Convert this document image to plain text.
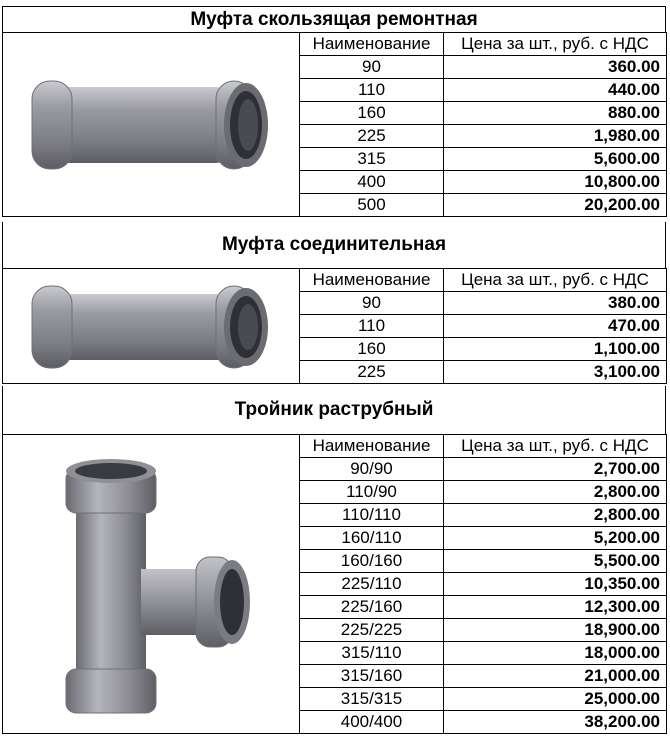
Муфта скользящая ремонтная
	Наименование	Цена за шт., руб. с НДС
	90	360.00
	110	440.00
	160	880.00
	225	1,980.00
	315	5,600.00
	400	10,800.00
	500	20,200.00
Муфта соединительная
	Наименование	Цена за шт., руб. с НДС
	90	380.00
	110	470.00
	160	1,100.00
	225	3,100.00
Тройник раструбный
	Наименование	Цена за шт., руб. с НДС
	90/90	2,700.00
	110/90	2,800.00
	110/110	2,800.00
	160/110	5,200.00
	160/160	5,500.00
	225/110	10,350.00
	225/160	12,300.00
	225/225	18,900.00
	315/110	18,000.00
	315/160	21,000.00
	315/315	25,000.00
	400/400	38,200.00
